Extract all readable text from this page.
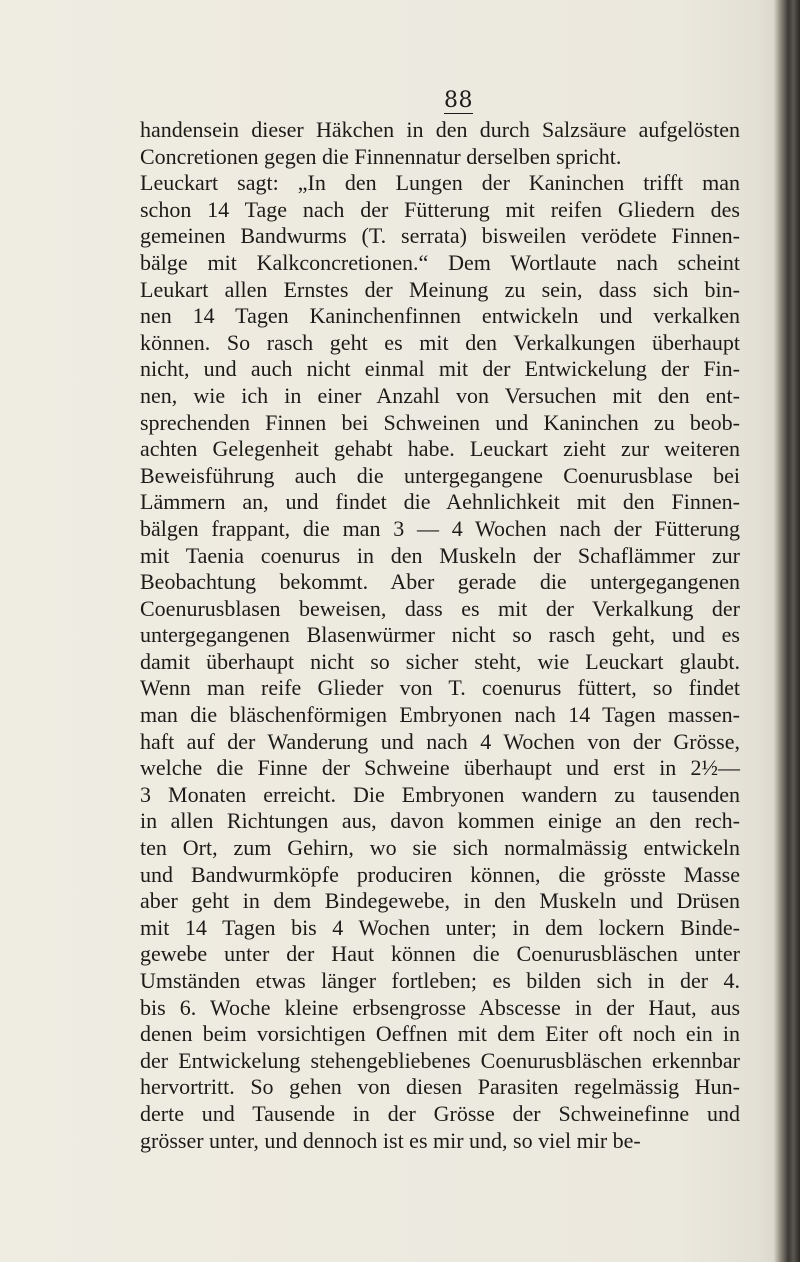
88
handensein dieser Häkchen in den durch Salzsäure aufgelösten
Concretionen gegen die Finnennatur derselben spricht.
Leuckart sagt: „In den Lungen der Kaninchen trifft man
schon 14 Tage nach der Fütterung mit reifen Gliedern des
gemeinen Bandwurms (T. serrata) bisweilen verödete Finnen-
bälge mit Kalkconcretionen.“ Dem Wortlaute nach scheint
Leukart allen Ernstes der Meinung zu sein, dass sich bin-
nen 14 Tagen Kaninchenfinnen entwickeln und verkalken
können. So rasch geht es mit den Verkalkungen überhaupt
nicht, und auch nicht einmal mit der Entwickelung der Fin-
nen, wie ich in einer Anzahl von Versuchen mit den ent-
sprechenden Finnen bei Schweinen und Kaninchen zu beob-
achten Gelegenheit gehabt habe. Leuckart zieht zur weiteren
Beweisführung auch die untergegangene Coenurusblase bei
Lämmern an, und findet die Aehnlichkeit mit den Finnen-
bälgen frappant, die man 3 — 4 Wochen nach der Fütterung
mit Taenia coenurus in den Muskeln der Schaflämmer zur
Beobachtung bekommt. Aber gerade die untergegangenen
Coenurusblasen beweisen, dass es mit der Verkalkung der
untergegangenen Blasenwürmer nicht so rasch geht, und es
damit überhaupt nicht so sicher steht, wie Leuckart glaubt.
Wenn man reife Glieder von T. coenurus füttert, so findet
man die bläschenförmigen Embryonen nach 14 Tagen massen-
haft auf der Wanderung und nach 4 Wochen von der Grösse,
welche die Finne der Schweine überhaupt und erst in 2½—
3 Monaten erreicht. Die Embryonen wandern zu tausenden
in allen Richtungen aus, davon kommen einige an den rech-
ten Ort, zum Gehirn, wo sie sich normalmässig entwickeln
und Bandwurmköpfe produciren können, die grösste Masse
aber geht in dem Bindegewebe, in den Muskeln und Drüsen
mit 14 Tagen bis 4 Wochen unter; in dem lockern Binde-
gewebe unter der Haut können die Coenurusbläschen unter
Umständen etwas länger fortleben; es bilden sich in der 4.
bis 6. Woche kleine erbsengrosse Abscesse in der Haut, aus
denen beim vorsichtigen Oeffnen mit dem Eiter oft noch ein in
der Entwickelung stehengebliebenes Coenurusbläschen erkennbar
hervortritt. So gehen von diesen Parasiten regelmässig Hun-
derte und Tausende in der Grösse der Schweinefinne und
grösser unter, und dennoch ist es mir und, so viel mir be-
